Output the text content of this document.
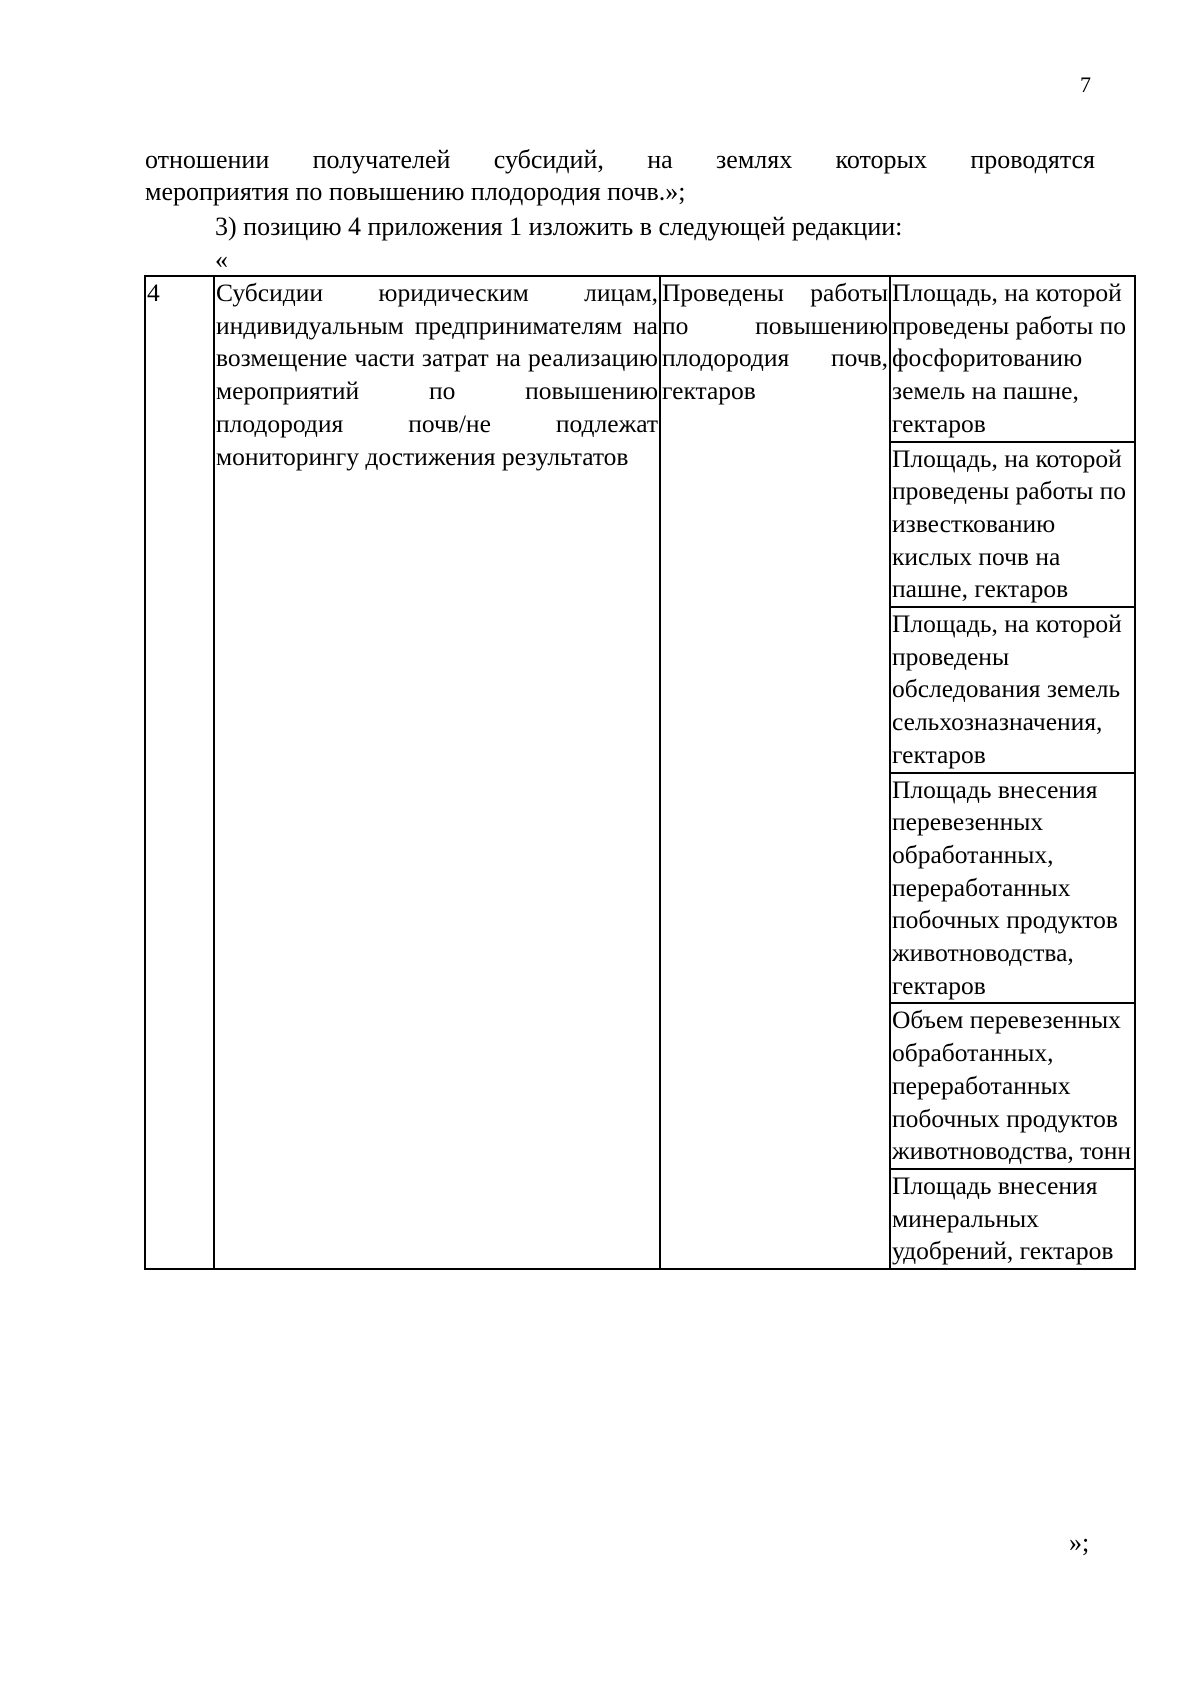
7
отношении получателей субсидий, на землях которых проводятся
мероприятия по повышению плодородия почв.»;
3) позицию 4 приложения 1 изложить в следующей редакции:
«
4	Субсидии юридическим лицам, индивидуальным предпринимателям на возмещение части затрат на реализацию мероприятий по повышению плодородия почв/не подлежат мониторингу достижения результатов	Проведены работы по повышению плодородия почв, гектаров	Площадь, на которой проведены работы по фосфоритованию земель на пашне, гектаров
Площадь, на которой проведены работы по известкованию кислых почв на пашне, гектаров
Площадь, на которой проведены обследования земель сельхозназначения, гектаров
Площадь внесения перевезенных обработанных, переработанных побочных продуктов животноводства, гектаров
Объем перевезенных обработанных, переработанных побочных продуктов животноводства, тонн
Площадь внесения минеральных удобрений, гектаров
»;
